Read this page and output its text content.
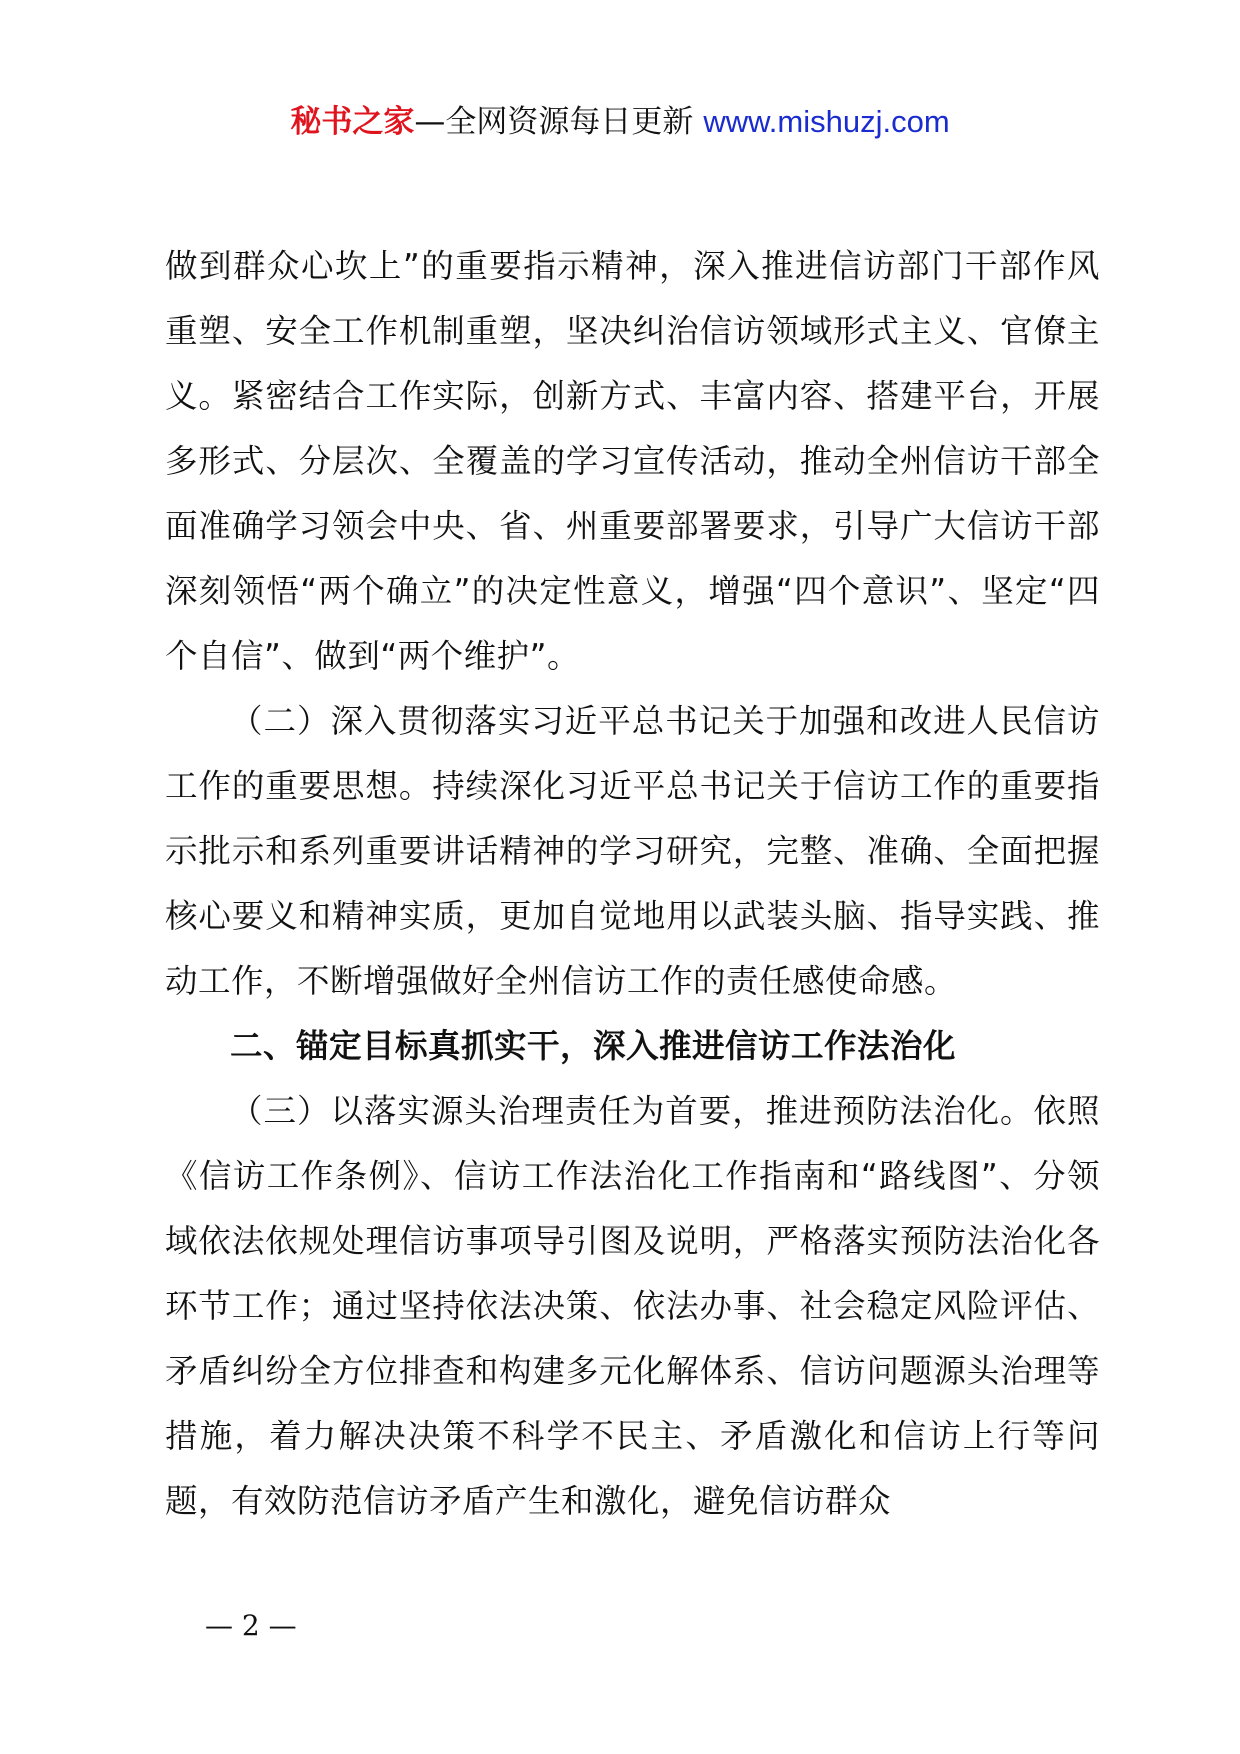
秘书之家—全网资源每日更新 www.mishuzj.com

做到群众心坎上”的重要指示精神，深入推进信访部门干部作风重塑、安全工作机制重塑，坚决纠治信访领域形式主义、官僚主义。紧密结合工作实际，创新方式、丰富内容、搭建平台，开展多形式、分层次、全覆盖的学习宣传活动，推动全州信访干部全面准确学习领会中央、省、州重要部署要求，引导广大信访干部深刻领悟“两个确立”的决定性意义，增强“四个意识”、坚定“四个自信”、做到“两个维护”。

（二）深入贯彻落实习近平总书记关于加强和改进人民信访工作的重要思想。持续深化习近平总书记关于信访工作的重要指示批示和系列重要讲话精神的学习研究，完整、准确、全面把握核心要义和精神实质，更加自觉地用以武装头脑、指导实践、推动工作，不断增强做好全州信访工作的责任感使命感。

二、锚定目标真抓实干，深入推进信访工作法治化

（三）以落实源头治理责任为首要，推进预防法治化。依照《信访工作条例》、信访工作法治化工作指南和“路线图”、分领域依法依规处理信访事项导引图及说明，严格落实预防法治化各环节工作；通过坚持依法决策、依法办事、社会稳定风险评估、矛盾纠纷全方位排查和构建多元化解体系、信访问题源头治理等措施，着力解决决策不科学不民主、矛盾激化和信访上行等问题，有效防范信访矛盾产生和激化，避免信访群众

— 2 —
